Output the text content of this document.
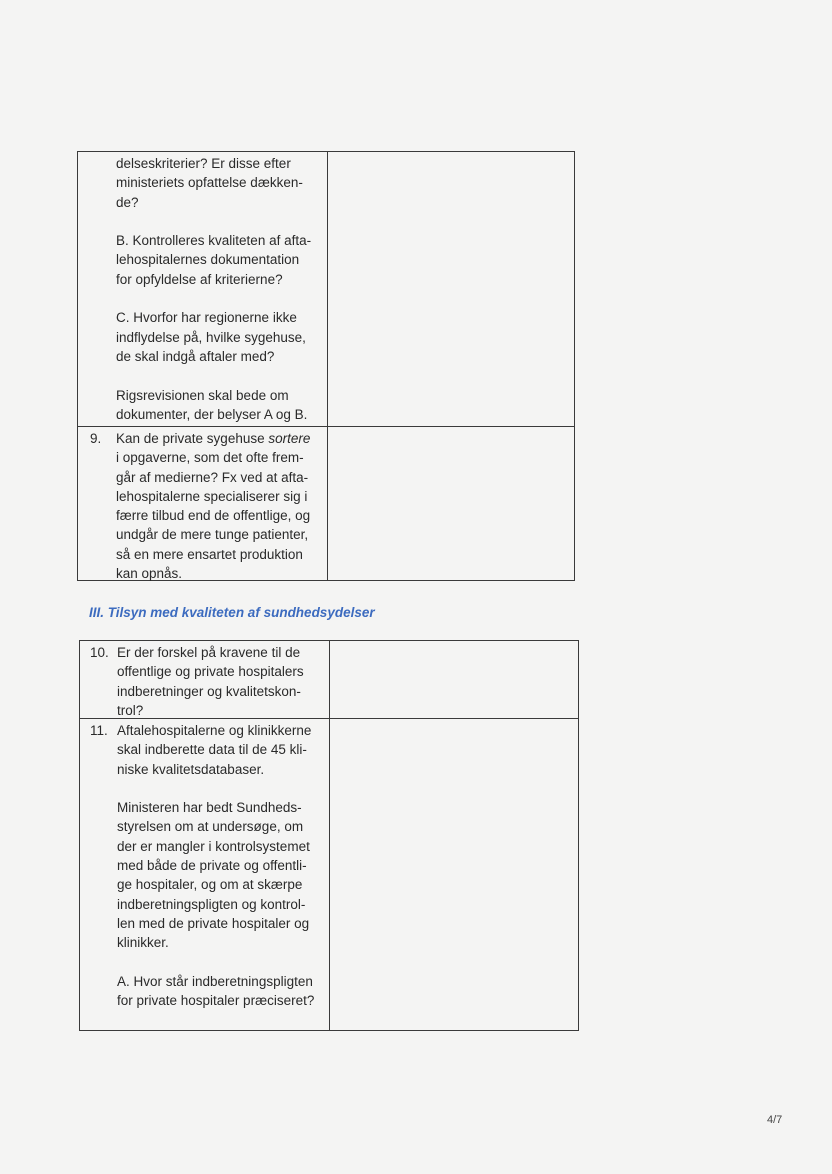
delseskriterier? Er disse efter
ministeriets opfattelse dækken-
de?
B. Kontrolleres kvaliteten af afta-
lehospitalernes dokumentation
for opfyldelse af kriterierne?
C. Hvorfor har regionerne ikke
indflydelse på, hvilke sygehuse,
de skal indgå aftaler med?
Rigsrevisionen skal bede om
dokumenter, der belyser A og B.
9. Kan de private sygehuse sortere
i opgaverne, som det ofte frem-
går af medierne? Fx ved at afta-
lehospitalerne specialiserer sig i
færre tilbud end de offentlige, og
undgår de mere tunge patienter,
så en mere ensartet produktion
kan opnås.
III. Tilsyn med kvaliteten af sundhedsydelser
10. Er der forskel på kravene til de
offentlige og private hospitalers
indberetninger og kvalitetskon-
trol?
11. Aftalehospitalerne og klinikkerne
skal indberette data til de 45 kli-
niske kvalitetsdatabaser.
Ministeren har bedt Sundheds-
styrelsen om at undersøge, om
der er mangler i kontrolsystemet
med både de private og offentli-
ge hospitaler, og om at skærpe
indberetningspligten og kontrol-
len med de private hospitaler og
klinikker.
A. Hvor står indberetningspligten
for private hospitaler præciseret?
4/7
